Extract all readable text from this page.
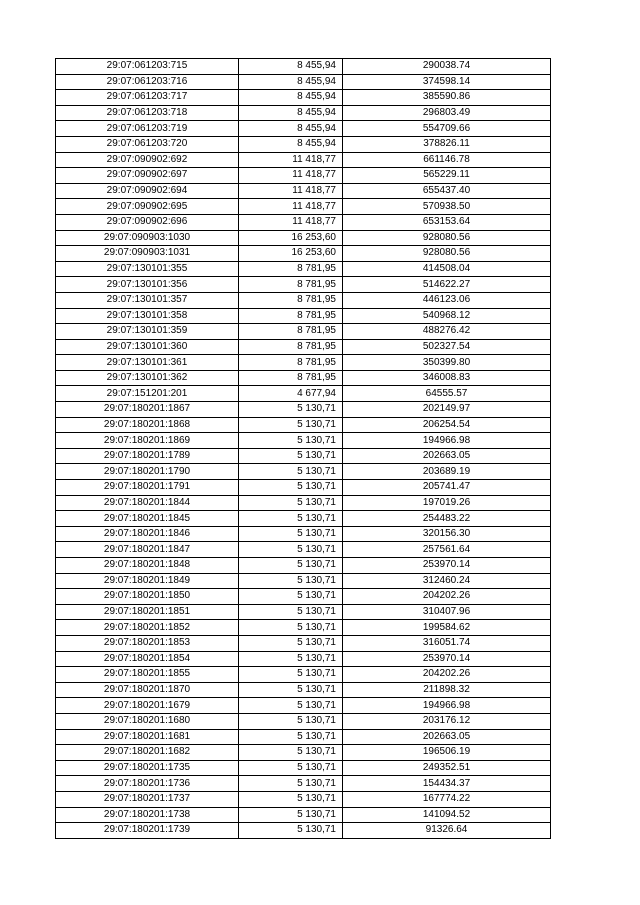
29:07:061203:715	8 455,94	290038.74
29:07:061203:716	8 455,94	374598.14
29:07:061203:717	8 455,94	385590.86
29:07:061203:718	8 455,94	296803.49
29:07:061203:719	8 455,94	554709.66
29:07:061203:720	8 455,94	378826.11
29:07:090902:692	11 418,77	661146.78
29:07:090902:697	11 418,77	565229.11
29:07:090902:694	11 418,77	655437.40
29:07:090902:695	11 418,77	570938.50
29:07:090902:696	11 418,77	653153.64
29:07:090903:1030	16 253,60	928080.56
29:07:090903:1031	16 253,60	928080.56
29:07:130101:355	8 781,95	414508.04
29:07:130101:356	8 781,95	514622.27
29:07:130101:357	8 781,95	446123.06
29:07:130101:358	8 781,95	540968.12
29:07:130101:359	8 781,95	488276.42
29:07:130101:360	8 781,95	502327.54
29:07:130101:361	8 781,95	350399.80
29:07:130101:362	8 781,95	346008.83
29:07:151201:201	4 677,94	64555.57
29:07:180201:1867	5 130,71	202149.97
29:07:180201:1868	5 130,71	206254.54
29:07:180201:1869	5 130,71	194966.98
29:07:180201:1789	5 130,71	202663.05
29:07:180201:1790	5 130,71	203689.19
29:07:180201:1791	5 130,71	205741.47
29:07:180201:1844	5 130,71	197019.26
29:07:180201:1845	5 130,71	254483.22
29:07:180201:1846	5 130,71	320156.30
29:07:180201:1847	5 130,71	257561.64
29:07:180201:1848	5 130,71	253970.14
29:07:180201:1849	5 130,71	312460.24
29:07:180201:1850	5 130,71	204202.26
29:07:180201:1851	5 130,71	310407.96
29:07:180201:1852	5 130,71	199584.62
29:07:180201:1853	5 130,71	316051.74
29:07:180201:1854	5 130,71	253970.14
29:07:180201:1855	5 130,71	204202.26
29:07:180201:1870	5 130,71	211898.32
29:07:180201:1679	5 130,71	194966.98
29:07:180201:1680	5 130,71	203176.12
29:07:180201:1681	5 130,71	202663.05
29:07:180201:1682	5 130,71	196506.19
29:07:180201:1735	5 130,71	249352.51
29:07:180201:1736	5 130,71	154434.37
29:07:180201:1737	5 130,71	167774.22
29:07:180201:1738	5 130,71	141094.52
29:07:180201:1739	5 130,71	91326.64
